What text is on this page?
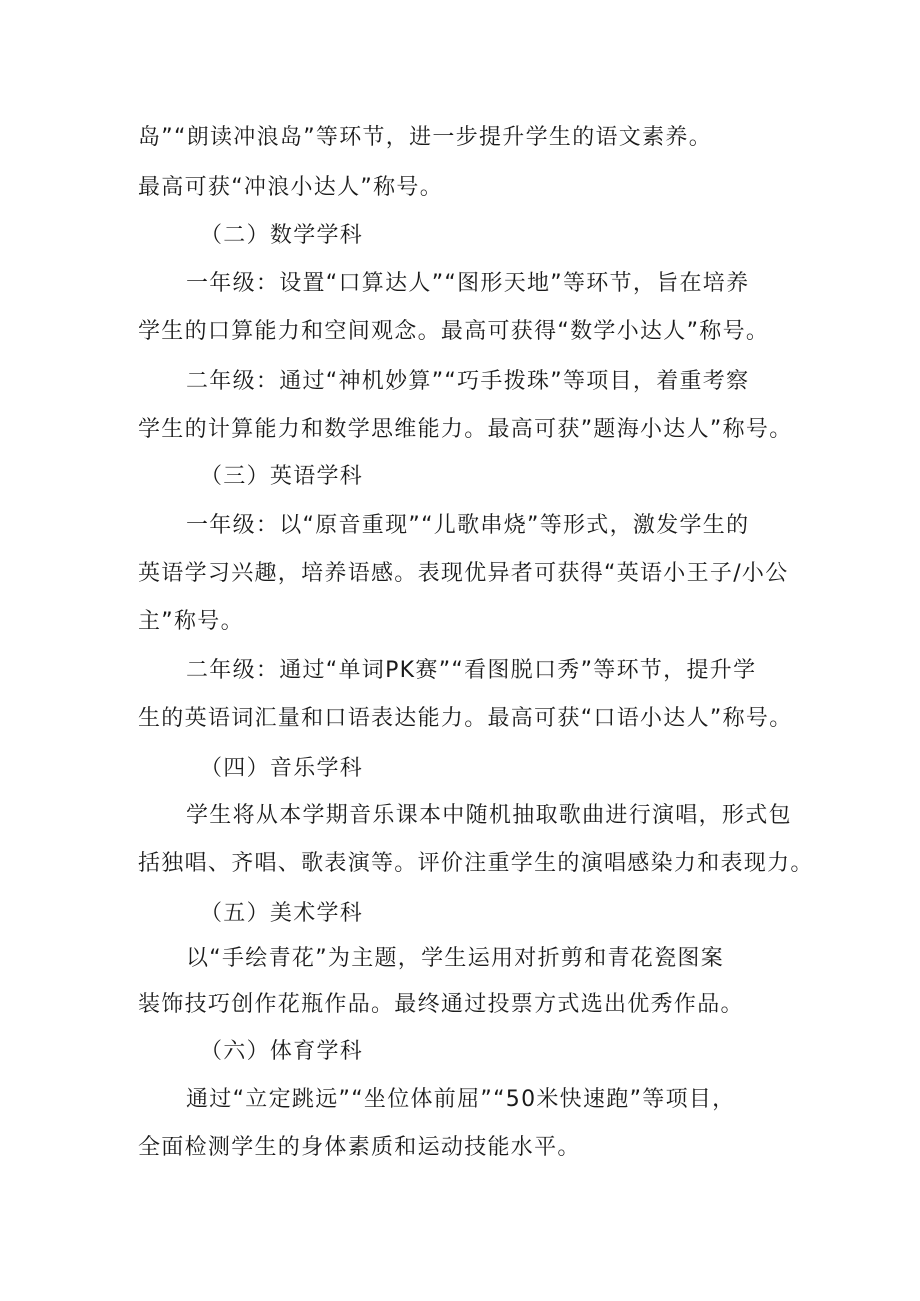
岛”“朗读冲浪岛”等环节，进一步提升学生的语文素养。
最高可获“冲浪小达人”称号。
（二）数学学科
一年级：设置“口算达人”“图形天地”等环节，旨在培养
学生的口算能力和空间观念。最高可获得“数学小达人”称号。
二年级：通过“神机妙算”“巧手拨珠”等项目，着重考察
学生的计算能力和数学思维能力。最高可获”题海小达人”称号。
（三）英语学科
一年级：以“原音重现”“儿歌串烧”等形式，激发学生的
英语学习兴趣，培养语感。表现优异者可获得“英语小王子/小公
主”称号。
二年级：通过“单词PK赛”“看图脱口秀”等环节，提升学
生的英语词汇量和口语表达能力。最高可获“口语小达人”称号。
（四）音乐学科
学生将从本学期音乐课本中随机抽取歌曲进行演唱，形式包
括独唱、齐唱、歌表演等。评价注重学生的演唱感染力和表现力。
（五）美术学科
以“手绘青花”为主题，学生运用对折剪和青花瓷图案
装饰技巧创作花瓶作品。最终通过投票方式选出优秀作品。
（六）体育学科
通过“立定跳远”“坐位体前屈”“50米快速跑”等项目，
全面检测学生的身体素质和运动技能水平。
